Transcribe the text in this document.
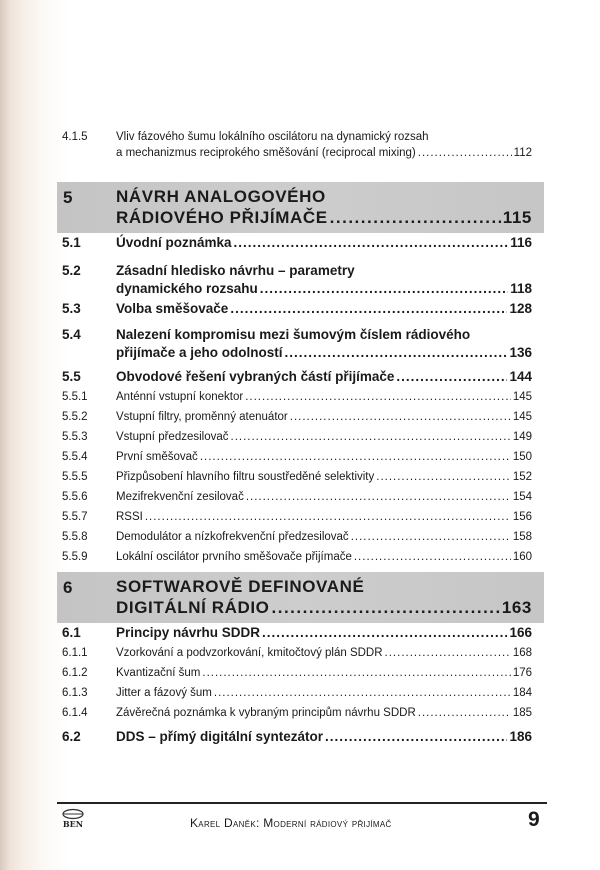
4.1.5 Vliv fázového šumu lokálního oscilátoru na dynamický rozsah
a mechanizmus reciprokého směšování (reciprocal mixing) .....	112
5	NÁVRH ANALOGOVÉHO
RÁDIOVÉHO PŘIJÍMAČE .....	115
5.1	Úvodní poznámka .....	116
5.2	Zásadní hledisko návrhu – parametry
dynamického rozsahu .....	118
5.3	Volba směšovače .....	128
5.4	Nalezení kompromisu mezi šumovým číslem rádiového
přijímače a jeho odolností .....	136
5.5	Obvodové řešení vybraných částí přijímače .....	144
5.5.1 Anténní vstupní konektor .....	145
5.5.2 Vstupní filtry, proměnný atenuátor .....	145
5.5.3 Vstupní předzesilovač .....	149
5.5.4 První směšovač .....	150
5.5.5 Přizpůsobení hlavního filtru soustředěné selektivity .....	152
5.5.6 Mezifrekvenční zesilovač .....	154
5.5.7 RSSI .....	156
5.5.8 Demodulátor a nízkofrekvenční předzesilovač .....	158
5.5.9 Lokální oscilátor prvního směšovače přijímače .....	160
6	SOFTWAROVĚ DEFINOVANÉ
DIGITÁLNÍ RÁDIO .....	163
6.1	Principy návrhu SDDR .....	166
6.1.1 Vzorkování a podvzorkování, kmitočtový plán SDDR .....	168
6.1.2 Kvantizační šum .....	176
6.1.3 Jitter a fázový šum .....	184
6.1.4 Závěrečná poznámka k vybraným principům návrhu SDDR .....	185
6.2	DDS – přímý digitální syntezátor .....	186
BEN	Karel Daněk: Moderní rádiový přijímač	9
